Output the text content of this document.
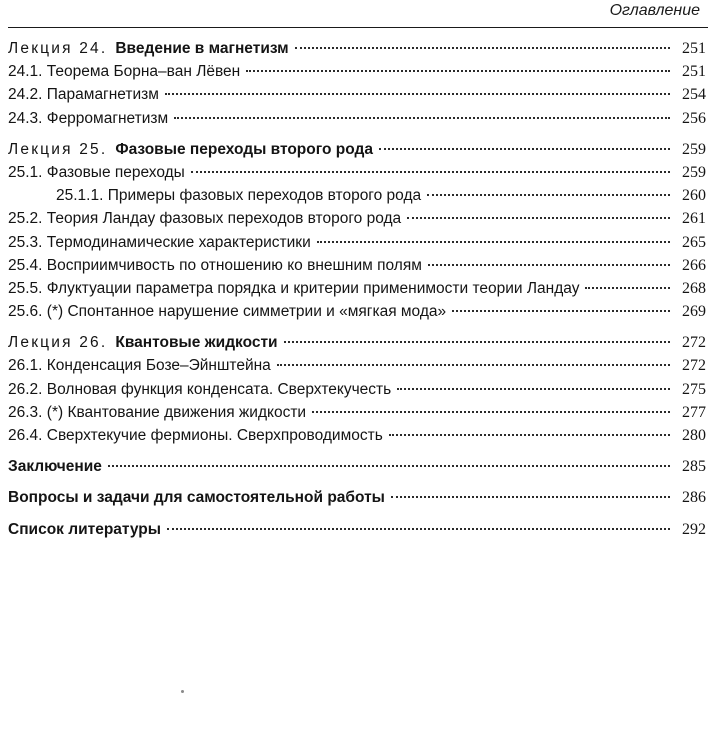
Оглавление
Лекция 24. Введение в магнетизм	251
24.1. Теорема Борна–ван Лёвен	251
24.2. Парамагнетизм	254
24.3. Ферромагнетизм	256
Лекция 25. Фазовые переходы второго рода	259
25.1. Фазовые переходы	259
25.1.1. Примеры фазовых переходов второго рода	260
25.2. Теория Ландау фазовых переходов второго рода	261
25.3. Термодинамические характеристики	265
25.4. Восприимчивость по отношению ко внешним полям	266
25.5. Флуктуации параметра порядка и критерии применимости теории Ландау	268
25.6. (*) Спонтанное нарушение симметрии и «мягкая мода»	269
Лекция 26. Квантовые жидкости	272
26.1. Конденсация Бозе–Эйнштейна	272
26.2. Волновая функция конденсата. Сверхтекучесть	275
26.3. (*) Квантование движения жидкости	277
26.4. Сверхтекучие фермионы. Сверхпроводимость	280
Заключение	285
Вопросы и задачи для самостоятельной работы	286
Список литературы	292
